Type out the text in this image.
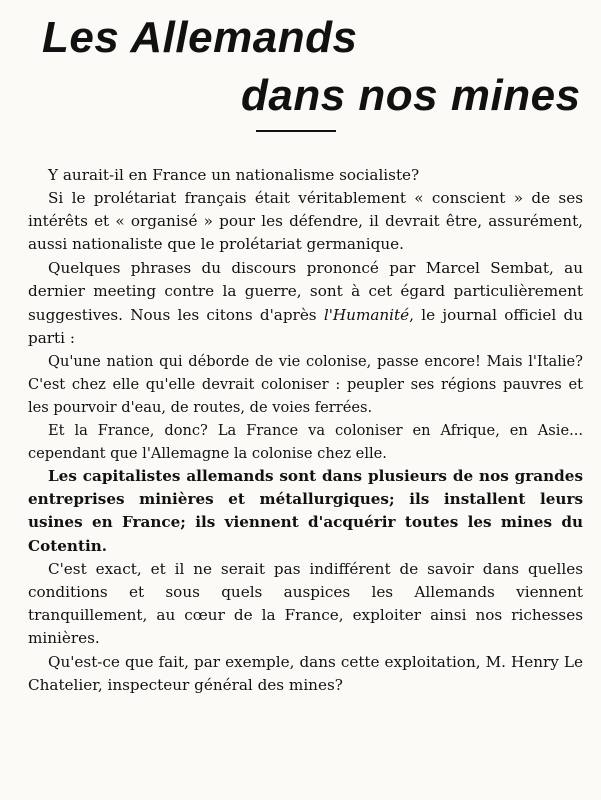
Les Allemands
dans nos mines

Y aurait-il en France un nationalisme socialiste?

Si le prolétariat français était véritablement « conscient » de ses intérêts et « organisé » pour les défendre, il devrait être, assurément, aussi nationaliste que le prolétariat germanique.

Quelques phrases du discours prononcé par Marcel Sembat, au dernier meeting contre la guerre, sont à cet égard particulièrement suggestives. Nous les citons d'après l'Humanité, le journal officiel du parti :

Qu'une nation qui déborde de vie colonise, passe encore! Mais l'Italie? C'est chez elle qu'elle devrait coloniser : peupler ses régions pauvres et les pourvoir d'eau, de routes, de voies ferrées.

Et la France, donc? La France va coloniser en Afrique, en Asie... cependant que l'Allemagne la colonise chez elle.

Les capitalistes allemands sont dans plusieurs de nos grandes entreprises minières et métallurgiques; ils installent leurs usines en France; ils viennent d'acquérir toutes les mines du Cotentin.

C'est exact, et il ne serait pas indifférent de savoir dans quelles conditions et sous quels auspices les Allemands viennent tranquillement, au cœur de la France, exploiter ainsi nos richesses minières.

Qu'est-ce que fait, par exemple, dans cette exploitation, M. Henry Le Chatelier, inspecteur général des mines?
